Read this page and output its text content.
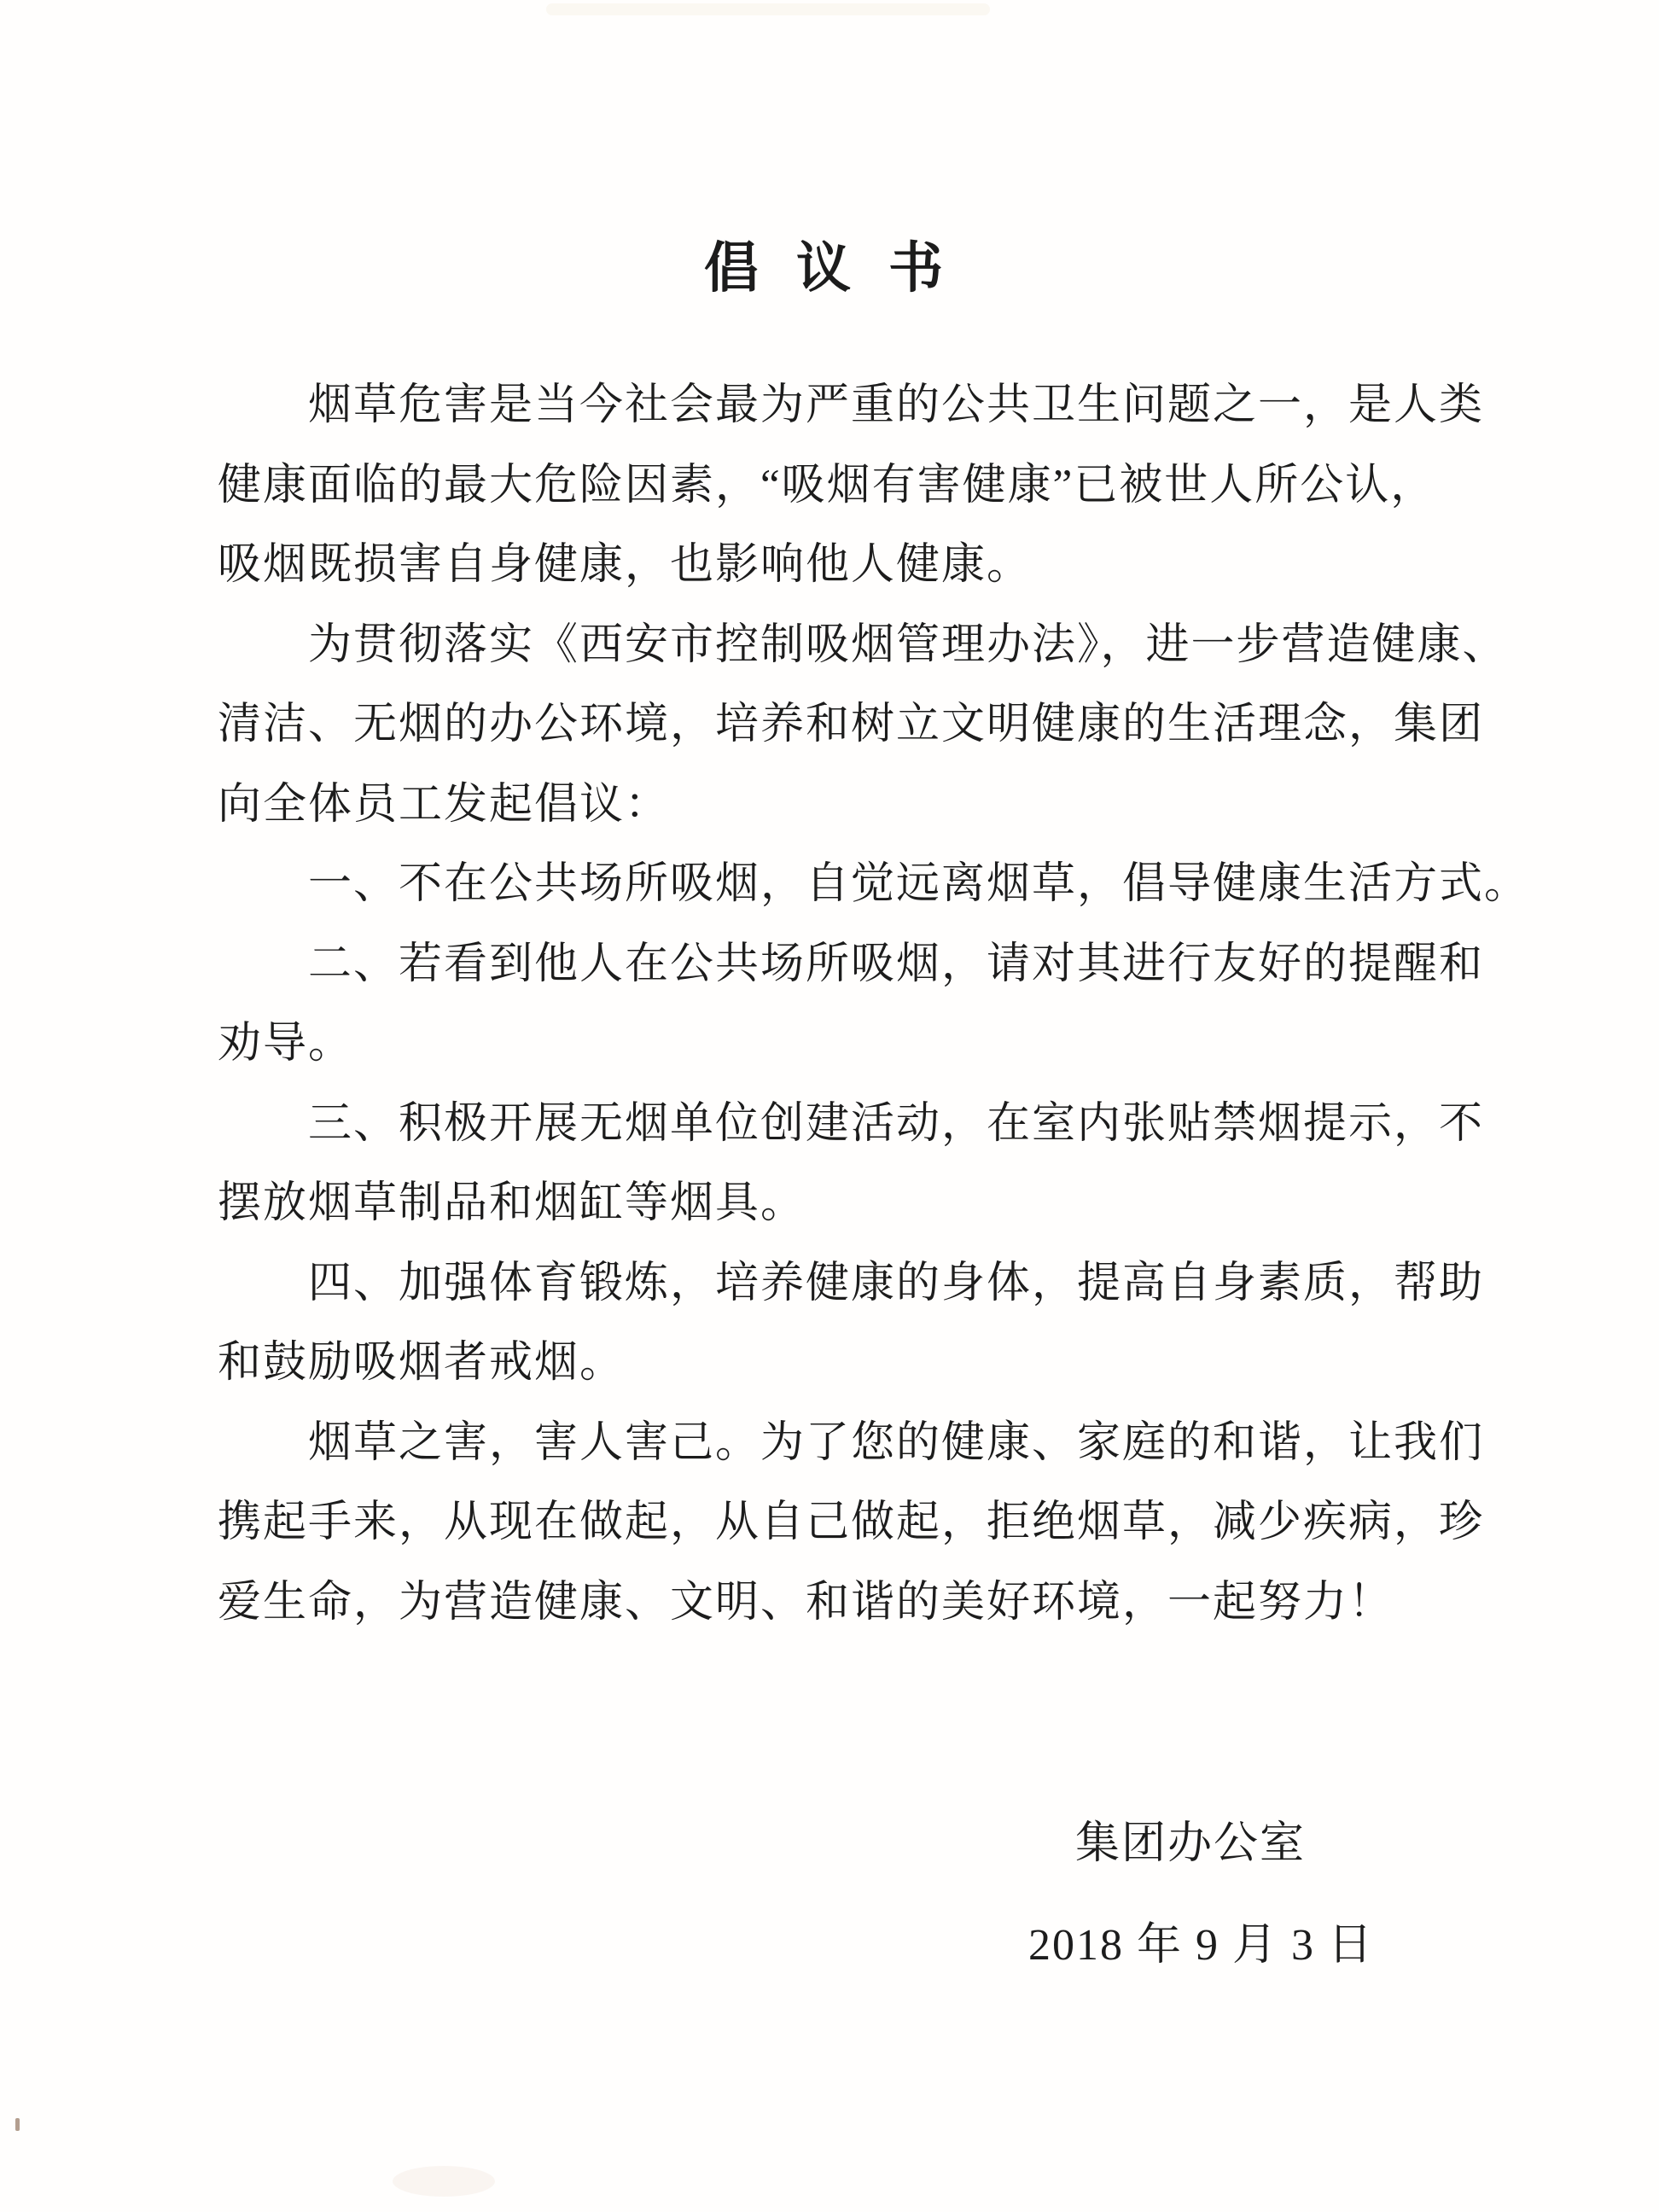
倡 议 书
烟草危害是当今社会最为严重的公共卫生问题之一，是人类
健康面临的最大危险因素，“吸烟有害健康”已被世人所公认，
吸烟既损害自身健康，也影响他人健康。
为贯彻落实《西安市控制吸烟管理办法》，进一步营造健康、
清洁、无烟的办公环境，培养和树立文明健康的生活理念，集团
向全体员工发起倡议：
一、不在公共场所吸烟，自觉远离烟草，倡导健康生活方式。
二、若看到他人在公共场所吸烟，请对其进行友好的提醒和
劝导。
三、积极开展无烟单位创建活动，在室内张贴禁烟提示，不
摆放烟草制品和烟缸等烟具。
四、加强体育锻炼，培养健康的身体，提高自身素质，帮助
和鼓励吸烟者戒烟。
烟草之害，害人害己。为了您的健康、家庭的和谐，让我们
携起手来，从现在做起，从自己做起，拒绝烟草，减少疾病，珍
爱生命，为营造健康、文明、和谐的美好环境，一起努力！
集团办公室
2018 年 9 月 3 日
